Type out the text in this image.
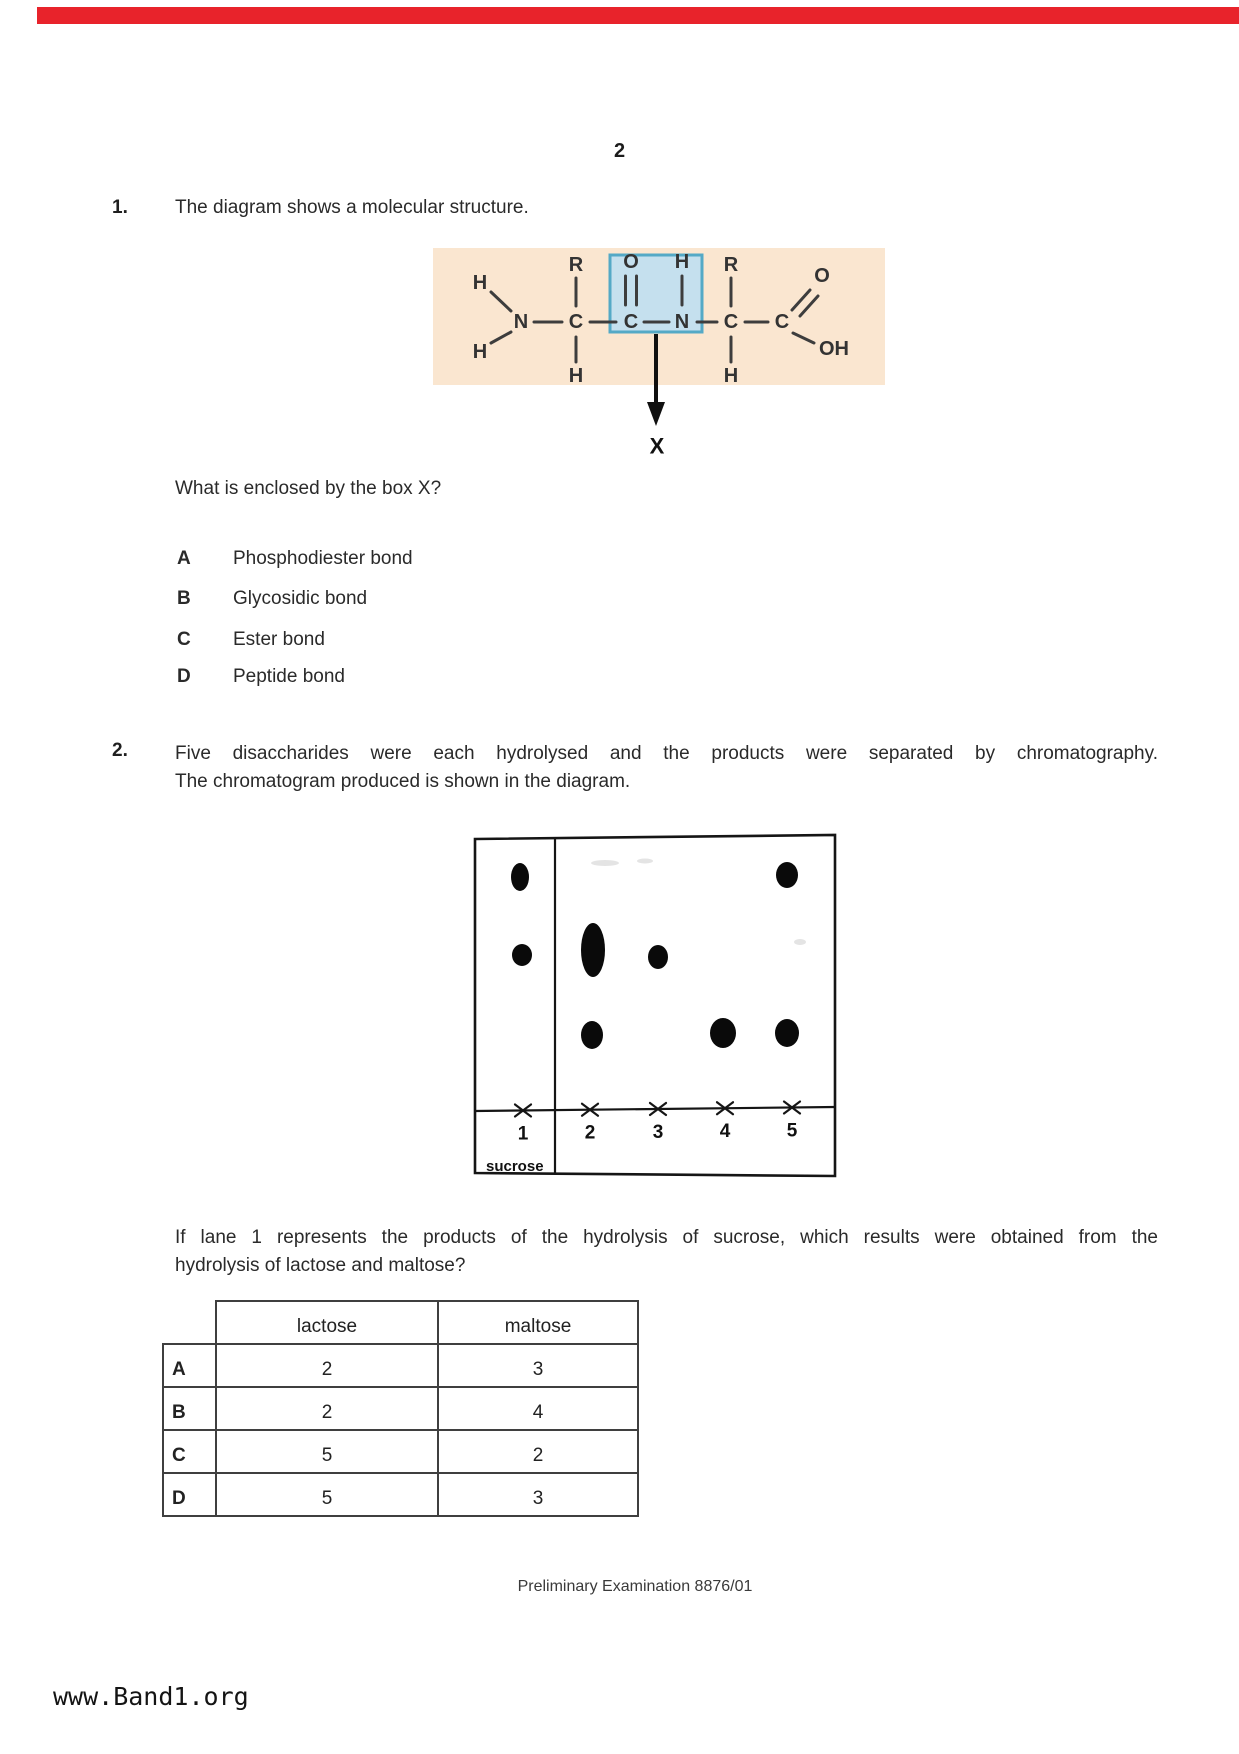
2
1. The diagram shows a molecular structure.
H
H
N C
R
H
C
O
N
H
C
R
H
C
O
OH
X
What is enclosed by the box X?
A Phosphodiester bond
B Glycosidic bond
C Ester bond
D Peptide bond
2. Five disaccharides were each hydrolysed and the products were separated by chromatography.
The chromatogram produced is shown in the diagram.
1	2	3	4	5
sucrose
If lane 1 represents the products of the hydrolysis of sucrose, which results were obtained from the
hydrolysis of lactose and maltose?
	lactose	maltose
A	2	3
B	2	4
C	5	2
D	5	3
Preliminary Examination 8876/01
www.Band1.org
